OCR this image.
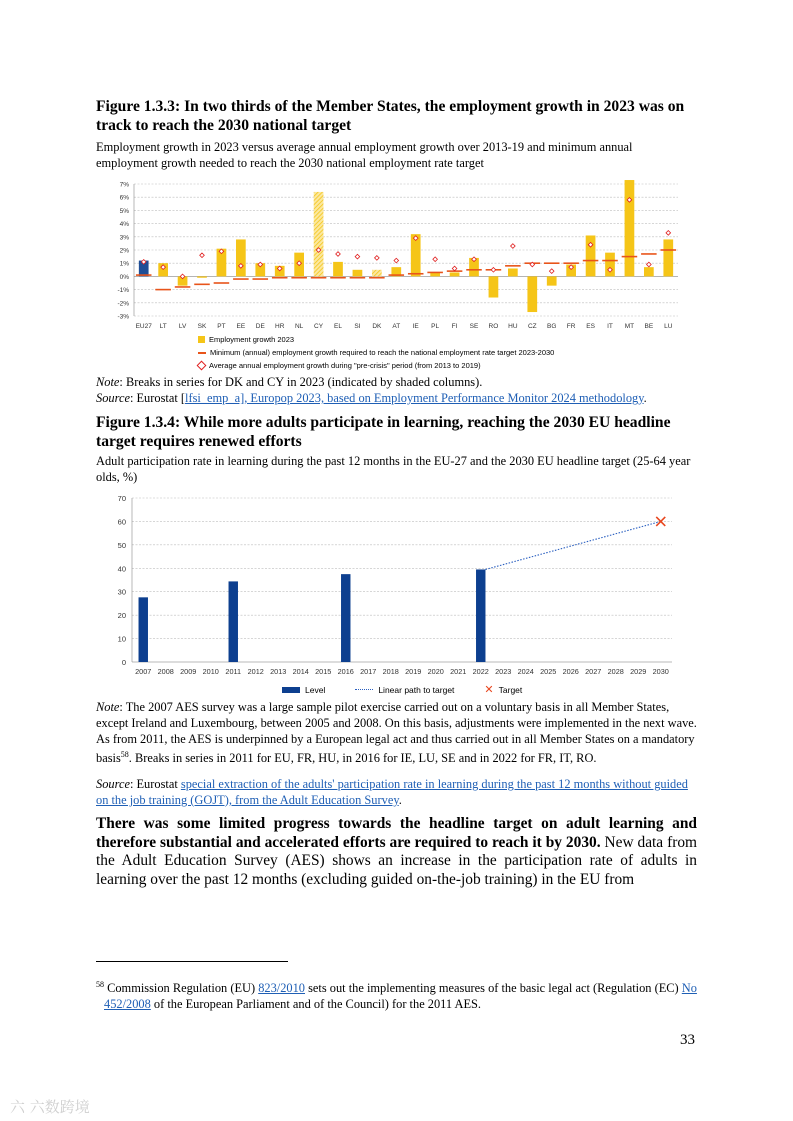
Figure 1.3.3: In two thirds of the Member States, the employment growth in 2023 was on track to reach the 2030 national target
Employment growth in 2023 versus average annual employment growth over 2013-19 and minimum annual employment growth needed to reach the 2030 national employment rate target
-3%
-2%
-1%
0%
1%
2%
3%
4%
5%
6%
7%
EU27 LT LV SK PT EE DE HR NL CY EL SI DK AT IE PL FI SE RO HU CZ BG FR ES IT MT BE LU
Employment growth 2023
Minimum (annual) employment growth required to reach the national employment rate target 2023-2030
Average annual employment growth during "pre-crisis" period (from 2013 to 2019)
Note: Breaks in series for DK and CY in 2023 (indicated by shaded columns).
Source: Eurostat [lfsi_emp_a], Europop 2023, based on Employment Performance Monitor 2024 methodology.
Figure 1.3.4: While more adults participate in learning, reaching the 2030 EU headline target requires renewed efforts
Adult participation rate in learning during the past 12 months in the EU-27 and the 2030 EU headline target (25-64 year olds, %)
0
10
20
30
40
50
60
70
2007 2008 2009 2010 2011 2012 2013 2014 2015 2016 2017 2018 2019 2020 2021 2022 2023 2024 2025 2026 2027 2028 2029 2030
Level	Linear path to target	✕ Target
Note: The 2007 AES survey was a large sample pilot exercise carried out on a voluntary basis in all Member States, except Ireland and Luxembourg, between 2005 and 2008. On this basis, adjustments were implemented in the next wave. As from 2011, the AES is underpinned by a European legal act and thus carried out in all Member States on a mandatory basis$^{58}$. Breaks in series in 2011 for EU, FR, HU, in 2016 for IE, LU, SE and in 2022 for FR, IT, RO.
Source: Eurostat special extraction of the adults' participation rate in learning during the past 12 months without guided on the job training (GOJT), from the Adult Education Survey.
There was some limited progress towards the headline target on adult learning and therefore substantial and accelerated efforts are required to reach it by 2030. New data from the Adult Education Survey (AES) shows an increase in the participation rate of adults in learning over the past 12 months (excluding guided on-the-job training) in the EU from
$^{58}$ Commission Regulation (EU) 823/2010 sets out the implementing measures of the basic legal act (Regulation (EC) No 452/2008 of the European Parliament and of the Council) for the 2011 AES.
33
六 六数跨境
